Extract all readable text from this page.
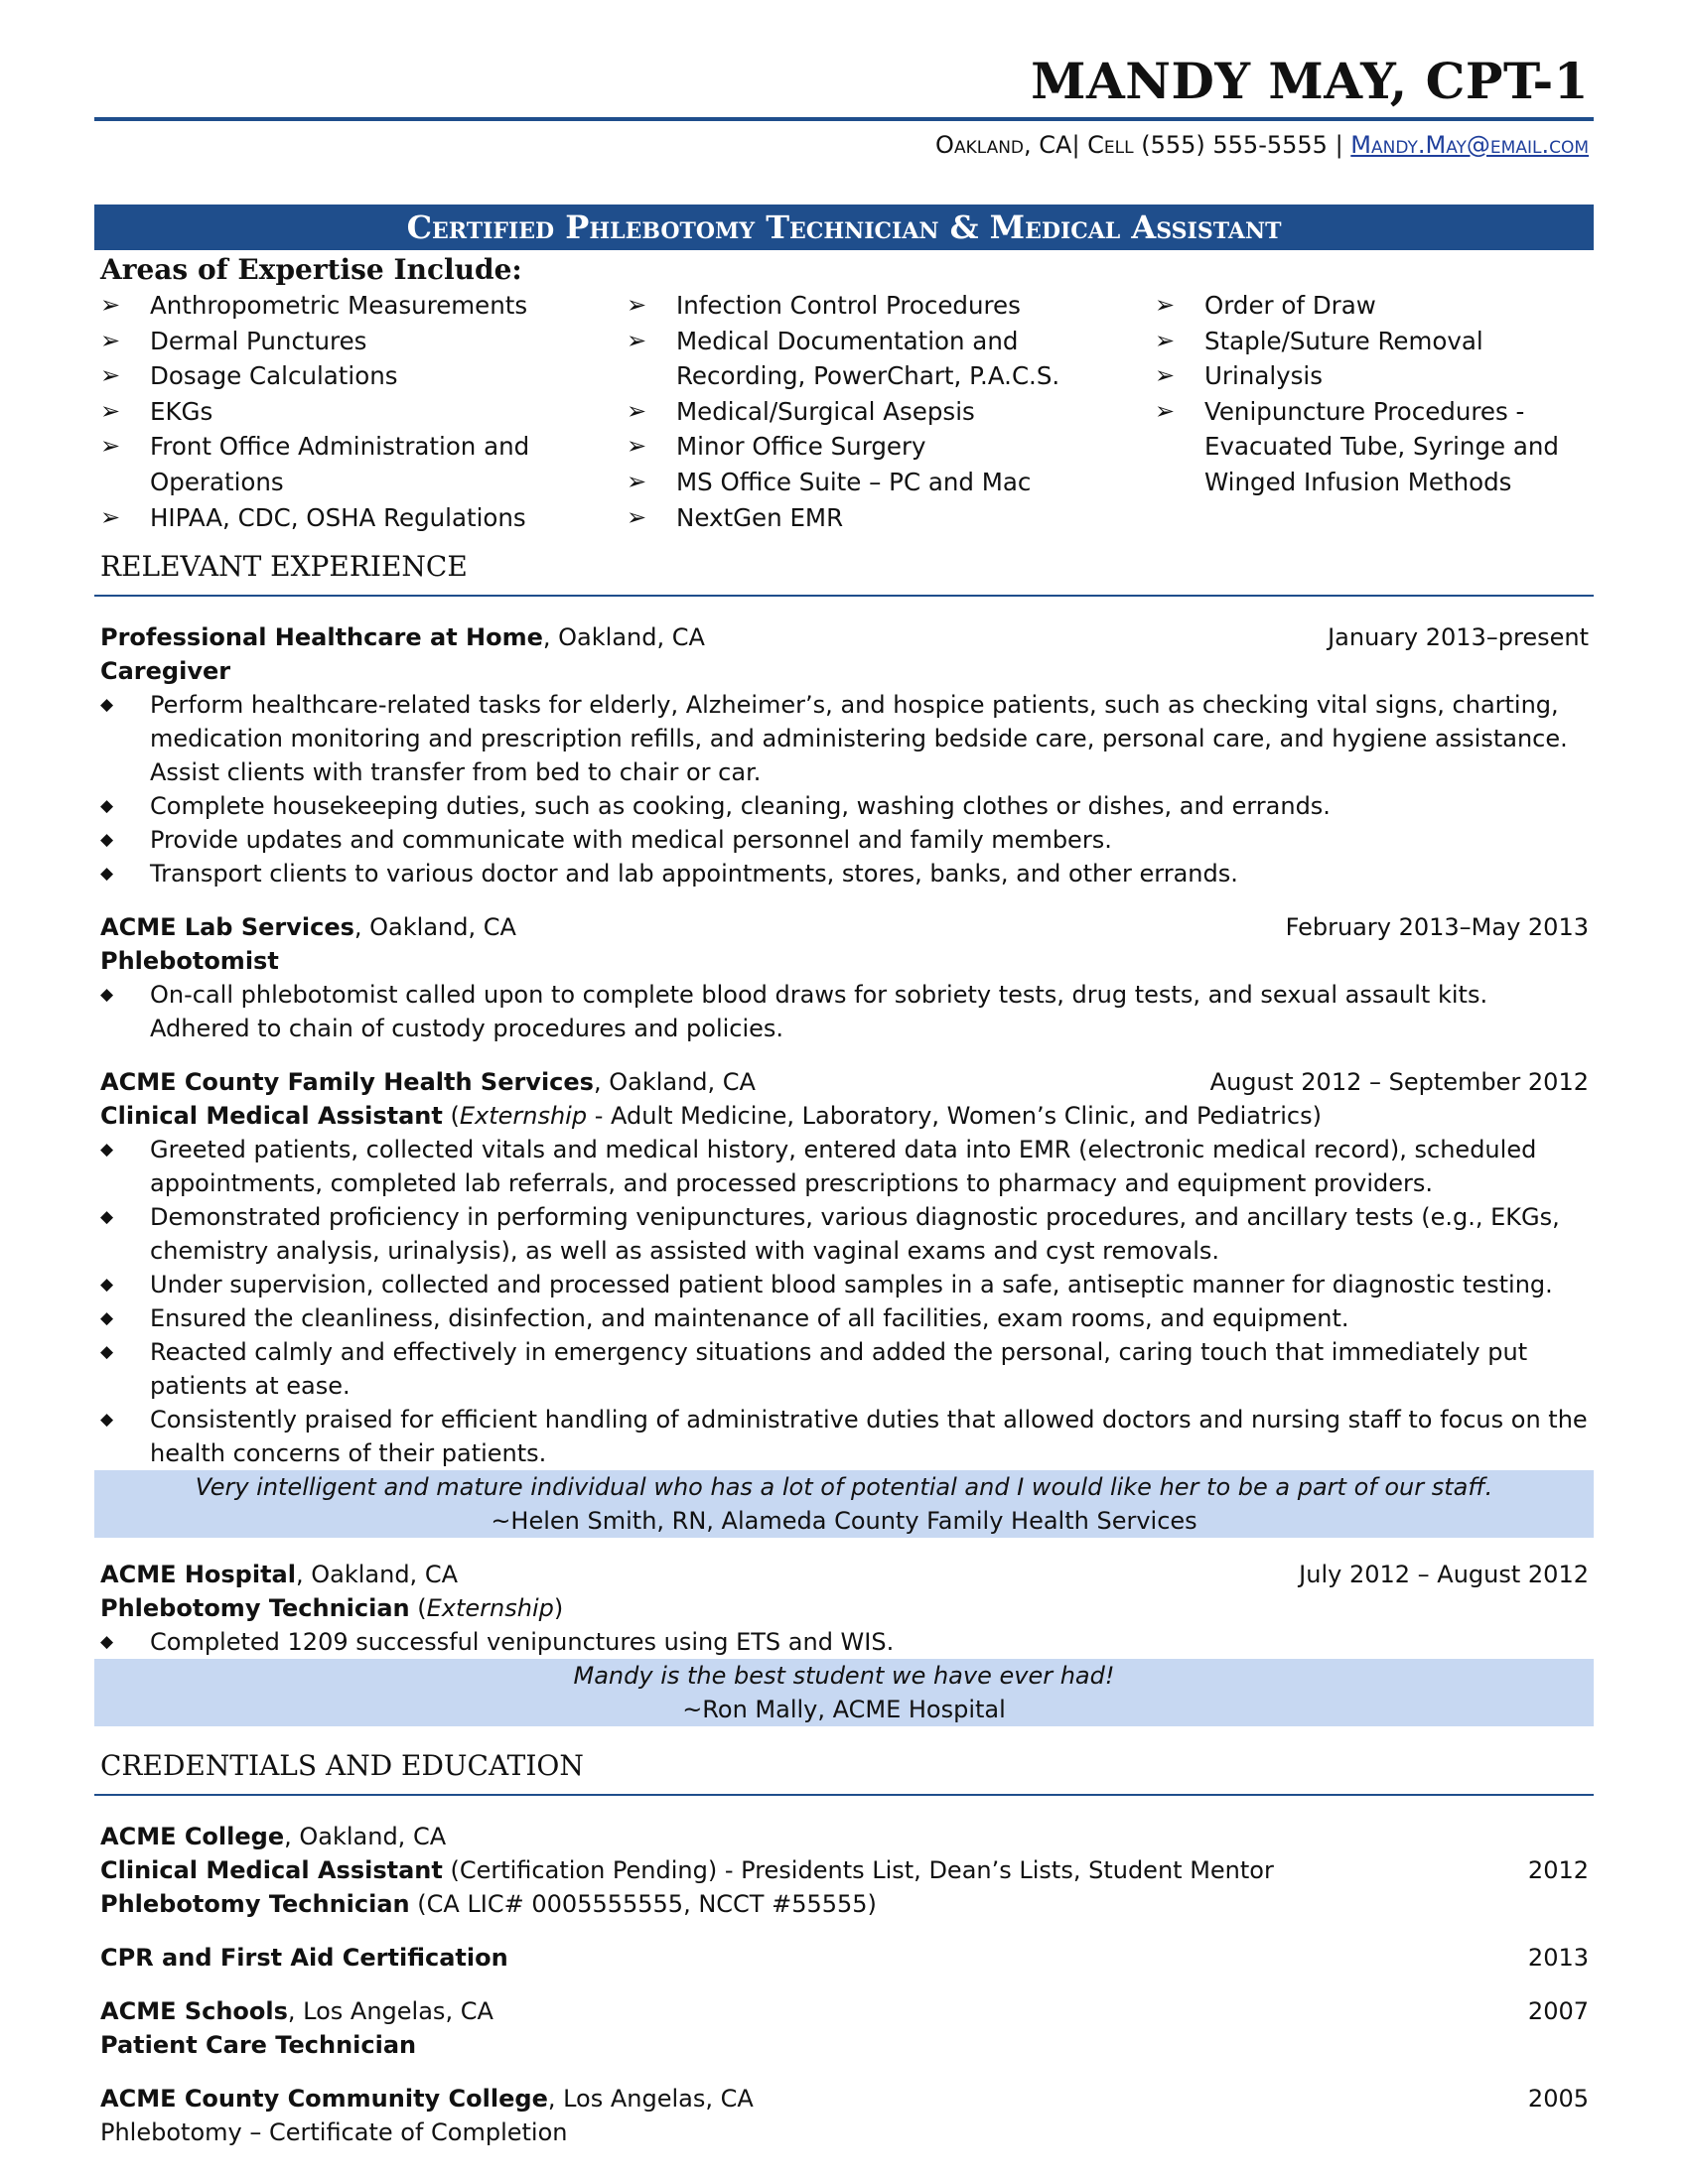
MANDY MAY, CPT-1
Oakland, CA| Cell (555) 555-5555 | Mandy.May@email.com
Certified Phlebotomy Technician & Medical Assistant
Areas of Expertise Include:
➢ Anthropometric Measurements
➢ Dermal Punctures
➢ Dosage Calculations
➢ EKGs
➢ Front Office Administration and Operations
➢ HIPAA, CDC, OSHA Regulations
➢ Infection Control Procedures
➢ Medical Documentation and Recording, PowerChart, P.A.C.S.
➢ Medical/Surgical Asepsis
➢ Minor Office Surgery
➢ MS Office Suite – PC and Mac
➢ NextGen EMR
➢ Order of Draw
➢ Staple/Suture Removal
➢ Urinalysis
➢ Venipuncture Procedures - Evacuated Tube, Syringe and Winged Infusion Methods
RELEVANT EXPERIENCE
Professional Healthcare at Home, Oakland, CA	January 2013–present
Caregiver
◆ Perform healthcare-related tasks for elderly, Alzheimer’s, and hospice patients, such as checking vital signs, charting, medication monitoring and prescription refills, and administering bedside care, personal care, and hygiene assistance. Assist clients with transfer from bed to chair or car.
◆ Complete housekeeping duties, such as cooking, cleaning, washing clothes or dishes, and errands.
◆ Provide updates and communicate with medical personnel and family members.
◆ Transport clients to various doctor and lab appointments, stores, banks, and other errands.
ACME Lab Services, Oakland, CA	February 2013–May 2013
Phlebotomist
◆ On-call phlebotomist called upon to complete blood draws for sobriety tests, drug tests, and sexual assault kits. Adhered to chain of custody procedures and policies.
ACME County Family Health Services, Oakland, CA	August 2012 – September 2012
Clinical Medical Assistant (Externship - Adult Medicine, Laboratory, Women’s Clinic, and Pediatrics)
◆ Greeted patients, collected vitals and medical history, entered data into EMR (electronic medical record), scheduled appointments, completed lab referrals, and processed prescriptions to pharmacy and equipment providers.
◆ Demonstrated proficiency in performing venipunctures, various diagnostic procedures, and ancillary tests (e.g., EKGs, chemistry analysis, urinalysis), as well as assisted with vaginal exams and cyst removals.
◆ Under supervision, collected and processed patient blood samples in a safe, antiseptic manner for diagnostic testing.
◆ Ensured the cleanliness, disinfection, and maintenance of all facilities, exam rooms, and equipment.
◆ Reacted calmly and effectively in emergency situations and added the personal, caring touch that immediately put patients at ease.
◆ Consistently praised for efficient handling of administrative duties that allowed doctors and nursing staff to focus on the health concerns of their patients.
Very intelligent and mature individual who has a lot of potential and I would like her to be a part of our staff.
~Helen Smith, RN, Alameda County Family Health Services
ACME Hospital, Oakland, CA	July 2012 – August 2012
Phlebotomy Technician (Externship)
◆ Completed 1209 successful venipunctures using ETS and WIS.
Mandy is the best student we have ever had!
~Ron Mally, ACME Hospital
CREDENTIALS AND EDUCATION
ACME College, Oakland, CA
Clinical Medical Assistant (Certification Pending) - Presidents List, Dean’s Lists, Student Mentor	2012
Phlebotomy Technician (CA LIC# 0005555555, NCCT #55555)
CPR and First Aid Certification	2013
ACME Schools, Los Angelas, CA	2007
Patient Care Technician
ACME County Community College, Los Angelas, CA	2005
Phlebotomy – Certificate of Completion
